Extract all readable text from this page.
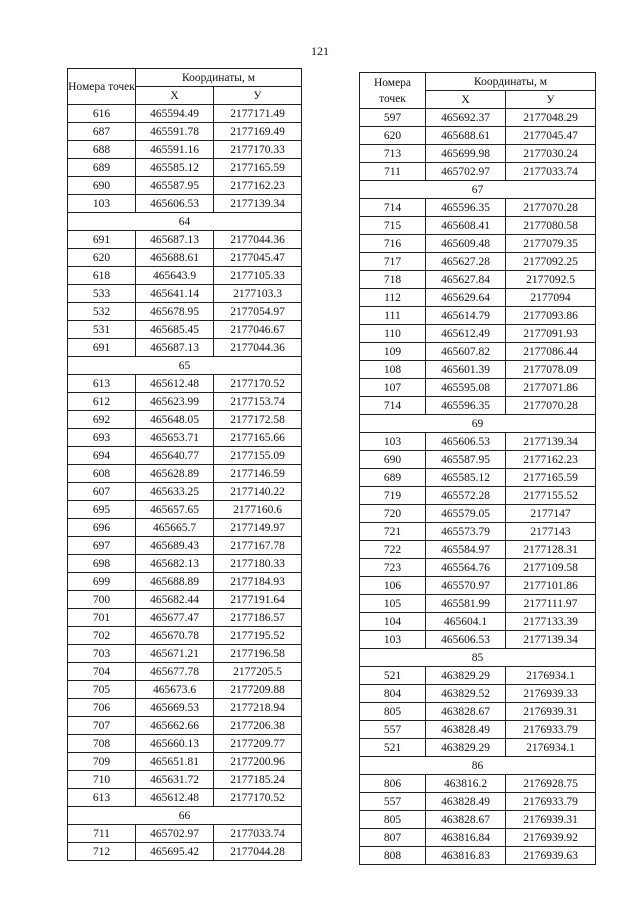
121
Номера точек	Координаты, м	
	X	У
616	465594.49	2177171.49
687	465591.78	2177169.49
688	465591.16	2177170.33
689	465585.12	2177165.59
690	465587.95	2177162.23
103	465606.53	2177139.34
64		
691	465687.13	2177044.36
620	465688.61	2177045.47
618	465643.9	2177105.33
533	465641.14	2177103.3
532	465678.95	2177054.97
531	465685.45	2177046.67
691	465687.13	2177044.36
65		
613	465612.48	2177170.52
612	465623.99	2177153.74
692	465648.05	2177172.58
693	465653.71	2177165.66
694	465640.77	2177155.09
608	465628.89	2177146.59
607	465633.25	2177140.22
695	465657.65	2177160.6
696	465665.7	2177149.97
697	465689.43	2177167.78
698	465682.13	2177180.33
699	465688.89	2177184.93
700	465682.44	2177191.64
701	465677.47	2177186.57
702	465670.78	2177195.52
703	465671.21	2177196.58
704	465677.78	2177205.5
705	465673.6	2177209.88
706	465669.53	2177218.94
707	465662.66	2177206.38
708	465660.13	2177209.77
709	465651.81	2177200.96
710	465631.72	2177185.24
613	465612.48	2177170.52
66		
711	465702.97	2177033.74
712	465695.42	2177044.28
Номера точек	Координаты, м	
	X	У
597	465692.37	2177048.29
620	465688.61	2177045.47
713	465699.98	2177030.24
711	465702.97	2177033.74
67		
714	465596.35	2177070.28
715	465608.41	2177080.58
716	465609.48	2177079.35
717	465627.28	2177092.25
718	465627.84	2177092.5
112	465629.64	2177094
111	465614.79	2177093.86
110	465612.49	2177091.93
109	465607.82	2177086.44
108	465601.39	2177078.09
107	465595.08	2177071.86
714	465596.35	2177070.28
69		
103	465606.53	2177139.34
690	465587.95	2177162.23
689	465585.12	2177165.59
719	465572.28	2177155.52
720	465579.05	2177147
721	465573.79	2177143
722	465584.97	2177128.31
723	465564.76	2177109.58
106	465570.97	2177101.86
105	465581.99	2177111.97
104	465604.1	2177133.39
103	465606.53	2177139.34
85		
521	463829.29	2176934.1
804	463829.52	2176939.33
805	463828.67	2176939.31
557	463828.49	2176933.79
521	463829.29	2176934.1
86		
806	463816.2	2176928.75
557	463828.49	2176933.79
805	463828.67	2176939.31
807	463816.84	2176939.92
808	463816.83	2176939.63
